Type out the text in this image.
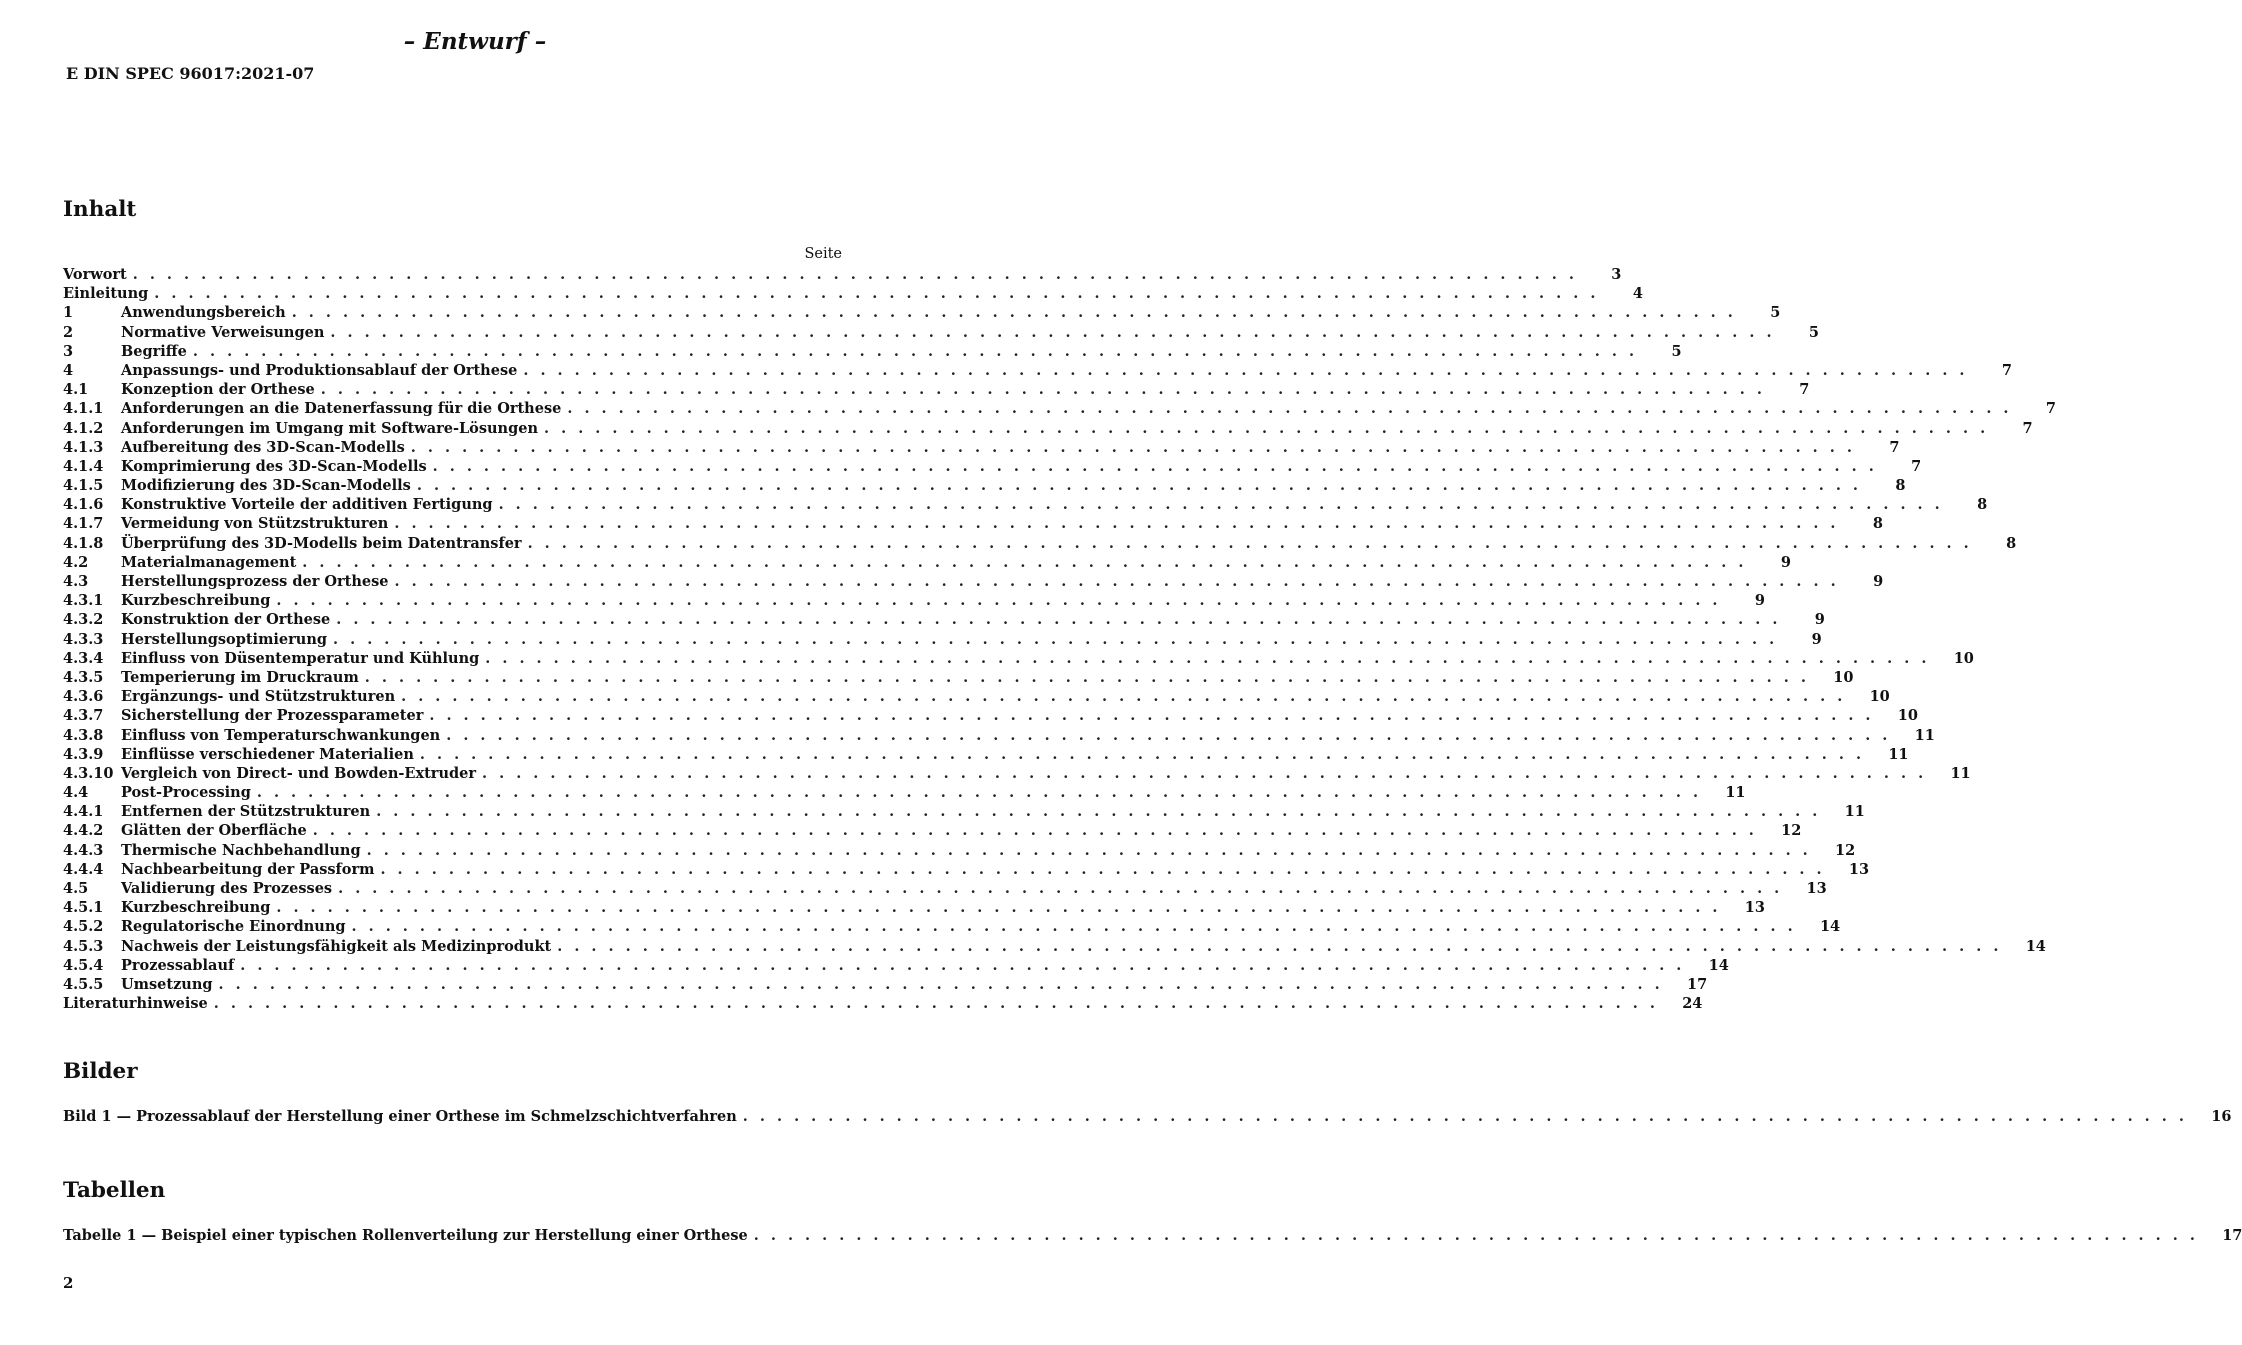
– Entwurf –
E DIN SPEC 96017:2021-07
Inhalt
Seite
Vorwort . . . . . . . . . . . . . . . . . . . . . . . . . . . . . . . . . . . . . . . . . . . . . . . . . . . . . . . . . . . . . . . . . . . . . . . . . . . . . . . . . . . . .	3
Einleitung . . . . . . . . . . . . . . . . . . . . . . . . . . . . . . . . . . . . . . . . . . . . . . . . . . . . . . . . . . . . . . . . . . . . . . . . . . . . . . . . . . . . .	4
1	Anwendungsbereich . . . . . . . . . . . . . . . . . . . . . . . . . . . . . . . . . . . . . . . . . . . . . . . . . . . . . . . . . . . . . . . . . . . . . . . . . . . . . . . . . . . . .	5
2	Normative Verweisungen . . . . . . . . . . . . . . . . . . . . . . . . . . . . . . . . . . . . . . . . . . . . . . . . . . . . . . . . . . . . . . . . . . . . . . . . . . . . . . . . . . . . .	5
3	Begriffe . . . . . . . . . . . . . . . . . . . . . . . . . . . . . . . . . . . . . . . . . . . . . . . . . . . . . . . . . . . . . . . . . . . . . . . . . . . . . . . . . . . . .	5
4	Anpassungs- und Produktionsablauf der Orthese . . . . . . . . . . . . . . . . . . . . . . . . . . . . . . . . . . . . . . . . . . . . . . . . . . . . . . . . . . . . . . . . . . . . . . . . . . . . . . . . . . . . .	7
4.1	Konzeption der Orthese . . . . . . . . . . . . . . . . . . . . . . . . . . . . . . . . . . . . . . . . . . . . . . . . . . . . . . . . . . . . . . . . . . . . . . . . . . . . . . . . . . . . .	7
4.1.1	Anforderungen an die Datenerfassung für die Orthese . . . . . . . . . . . . . . . . . . . . . . . . . . . . . . . . . . . . . . . . . . . . . . . . . . . . . . . . . . . . . . . . . . . . . . . . . . . . . . . . . . . . .	7
4.1.2	Anforderungen im Umgang mit Software-Lösungen . . . . . . . . . . . . . . . . . . . . . . . . . . . . . . . . . . . . . . . . . . . . . . . . . . . . . . . . . . . . . . . . . . . . . . . . . . . . . . . . . . . . .	7
4.1.3	Aufbereitung des 3D-Scan-Modells . . . . . . . . . . . . . . . . . . . . . . . . . . . . . . . . . . . . . . . . . . . . . . . . . . . . . . . . . . . . . . . . . . . . . . . . . . . . . . . . . . . . .	7
4.1.4	Komprimierung des 3D-Scan-Modells . . . . . . . . . . . . . . . . . . . . . . . . . . . . . . . . . . . . . . . . . . . . . . . . . . . . . . . . . . . . . . . . . . . . . . . . . . . . . . . . . . . . .	7
4.1.5	Modifizierung des 3D-Scan-Modells . . . . . . . . . . . . . . . . . . . . . . . . . . . . . . . . . . . . . . . . . . . . . . . . . . . . . . . . . . . . . . . . . . . . . . . . . . . . . . . . . . . . .	8
4.1.6	Konstruktive Vorteile der additiven Fertigung . . . . . . . . . . . . . . . . . . . . . . . . . . . . . . . . . . . . . . . . . . . . . . . . . . . . . . . . . . . . . . . . . . . . . . . . . . . . . . . . . . . . .	8
4.1.7	Vermeidung von Stützstrukturen . . . . . . . . . . . . . . . . . . . . . . . . . . . . . . . . . . . . . . . . . . . . . . . . . . . . . . . . . . . . . . . . . . . . . . . . . . . . . . . . . . . . .	8
4.1.8	Überprüfung des 3D-Modells beim Datentransfer . . . . . . . . . . . . . . . . . . . . . . . . . . . . . . . . . . . . . . . . . . . . . . . . . . . . . . . . . . . . . . . . . . . . . . . . . . . . . . . . . . . . .	8
4.2	Materialmanagement . . . . . . . . . . . . . . . . . . . . . . . . . . . . . . . . . . . . . . . . . . . . . . . . . . . . . . . . . . . . . . . . . . . . . . . . . . . . . . . . . . . . .	9
4.3	Herstellungsprozess der Orthese . . . . . . . . . . . . . . . . . . . . . . . . . . . . . . . . . . . . . . . . . . . . . . . . . . . . . . . . . . . . . . . . . . . . . . . . . . . . . . . . . . . . .	9
4.3.1	Kurzbeschreibung . . . . . . . . . . . . . . . . . . . . . . . . . . . . . . . . . . . . . . . . . . . . . . . . . . . . . . . . . . . . . . . . . . . . . . . . . . . . . . . . . . . . .	9
4.3.2	Konstruktion der Orthese . . . . . . . . . . . . . . . . . . . . . . . . . . . . . . . . . . . . . . . . . . . . . . . . . . . . . . . . . . . . . . . . . . . . . . . . . . . . . . . . . . . . .	9
4.3.3	Herstellungsoptimierung . . . . . . . . . . . . . . . . . . . . . . . . . . . . . . . . . . . . . . . . . . . . . . . . . . . . . . . . . . . . . . . . . . . . . . . . . . . . . . . . . . . . .	9
4.3.4	Einfluss von Düsentemperatur und Kühlung . . . . . . . . . . . . . . . . . . . . . . . . . . . . . . . . . . . . . . . . . . . . . . . . . . . . . . . . . . . . . . . . . . . . . . . . . . . . . . . . . . . . .	10
4.3.5	Temperierung im Druckraum . . . . . . . . . . . . . . . . . . . . . . . . . . . . . . . . . . . . . . . . . . . . . . . . . . . . . . . . . . . . . . . . . . . . . . . . . . . . . . . . . . . . .	10
4.3.6	Ergänzungs- und Stützstrukturen . . . . . . . . . . . . . . . . . . . . . . . . . . . . . . . . . . . . . . . . . . . . . . . . . . . . . . . . . . . . . . . . . . . . . . . . . . . . . . . . . . . . .	10
4.3.7	Sicherstellung der Prozessparameter . . . . . . . . . . . . . . . . . . . . . . . . . . . . . . . . . . . . . . . . . . . . . . . . . . . . . . . . . . . . . . . . . . . . . . . . . . . . . . . . . . . . .	10
4.3.8	Einfluss von Temperaturschwankungen . . . . . . . . . . . . . . . . . . . . . . . . . . . . . . . . . . . . . . . . . . . . . . . . . . . . . . . . . . . . . . . . . . . . . . . . . . . . . . . . . . . . .	11
4.3.9	Einflüsse verschiedener Materialien . . . . . . . . . . . . . . . . . . . . . . . . . . . . . . . . . . . . . . . . . . . . . . . . . . . . . . . . . . . . . . . . . . . . . . . . . . . . . . . . . . . . .	11
4.3.10 Vergleich von Direct- und Bowden-Extruder . . . . . . . . . . . . . . . . . . . . . . . . . . . . . . . . . . . . . . . . . . . . . . . . . . . . . . . . . . . . . . . . . . . . . . . . . . . . . . . . . . . . .	11
4.4	Post-Processing . . . . . . . . . . . . . . . . . . . . . . . . . . . . . . . . . . . . . . . . . . . . . . . . . . . . . . . . . . . . . . . . . . . . . . . . . . . . . . . . . . . . .	11
4.4.1	Entfernen der Stützstrukturen . . . . . . . . . . . . . . . . . . . . . . . . . . . . . . . . . . . . . . . . . . . . . . . . . . . . . . . . . . . . . . . . . . . . . . . . . . . . . . . . . . . . .	11
4.4.2	Glätten der Oberfläche . . . . . . . . . . . . . . . . . . . . . . . . . . . . . . . . . . . . . . . . . . . . . . . . . . . . . . . . . . . . . . . . . . . . . . . . . . . . . . . . . . . . .	12
4.4.3	Thermische Nachbehandlung . . . . . . . . . . . . . . . . . . . . . . . . . . . . . . . . . . . . . . . . . . . . . . . . . . . . . . . . . . . . . . . . . . . . . . . . . . . . . . . . . . . . .	12
4.4.4	Nachbearbeitung der Passform . . . . . . . . . . . . . . . . . . . . . . . . . . . . . . . . . . . . . . . . . . . . . . . . . . . . . . . . . . . . . . . . . . . . . . . . . . . . . . . . . . . . .	13
4.5	Validierung des Prozesses . . . . . . . . . . . . . . . . . . . . . . . . . . . . . . . . . . . . . . . . . . . . . . . . . . . . . . . . . . . . . . . . . . . . . . . . . . . . . . . . . . . . .	13
4.5.1	Kurzbeschreibung . . . . . . . . . . . . . . . . . . . . . . . . . . . . . . . . . . . . . . . . . . . . . . . . . . . . . . . . . . . . . . . . . . . . . . . . . . . . . . . . . . . . .	13
4.5.2	Regulatorische Einordnung . . . . . . . . . . . . . . . . . . . . . . . . . . . . . . . . . . . . . . . . . . . . . . . . . . . . . . . . . . . . . . . . . . . . . . . . . . . . . . . . . . . . .	14
4.5.3	Nachweis der Leistungsfähigkeit als Medizinprodukt . . . . . . . . . . . . . . . . . . . . . . . . . . . . . . . . . . . . . . . . . . . . . . . . . . . . . . . . . . . . . . . . . . . . . . . . . . . . . . . . . . . . .	14
4.5.4	Prozessablauf . . . . . . . . . . . . . . . . . . . . . . . . . . . . . . . . . . . . . . . . . . . . . . . . . . . . . . . . . . . . . . . . . . . . . . . . . . . . . . . . . . . . .	14
4.5.5	Umsetzung . . . . . . . . . . . . . . . . . . . . . . . . . . . . . . . . . . . . . . . . . . . . . . . . . . . . . . . . . . . . . . . . . . . . . . . . . . . . . . . . . . . . .	17
Literaturhinweise . . . . . . . . . . . . . . . . . . . . . . . . . . . . . . . . . . . . . . . . . . . . . . . . . . . . . . . . . . . . . . . . . . . . . . . . . . . . . . . . . . . . .	24
Bilder
Bild 1 — Prozessablauf der Herstellung einer Orthese im Schmelzschichtverfahren . . . . . . . . . . . . . . . . . . . . . . . . . . . . . . . . . . . . . . . . . . . . . . . . . . . . . . . . . . . . . . . . . . . . . . . . . . . . . . . . . . . . .	16
Tabellen
Tabelle 1 — Beispiel einer typischen Rollenverteilung zur Herstellung einer Orthese . . . . . . . . . . . . . . . . . . . . . . . . . . . . . . . . . . . . . . . . . . . . . . . . . . . . . . . . . . . . . . . . . . . . . . . . . . . . . . . . . . . . .	17
2
